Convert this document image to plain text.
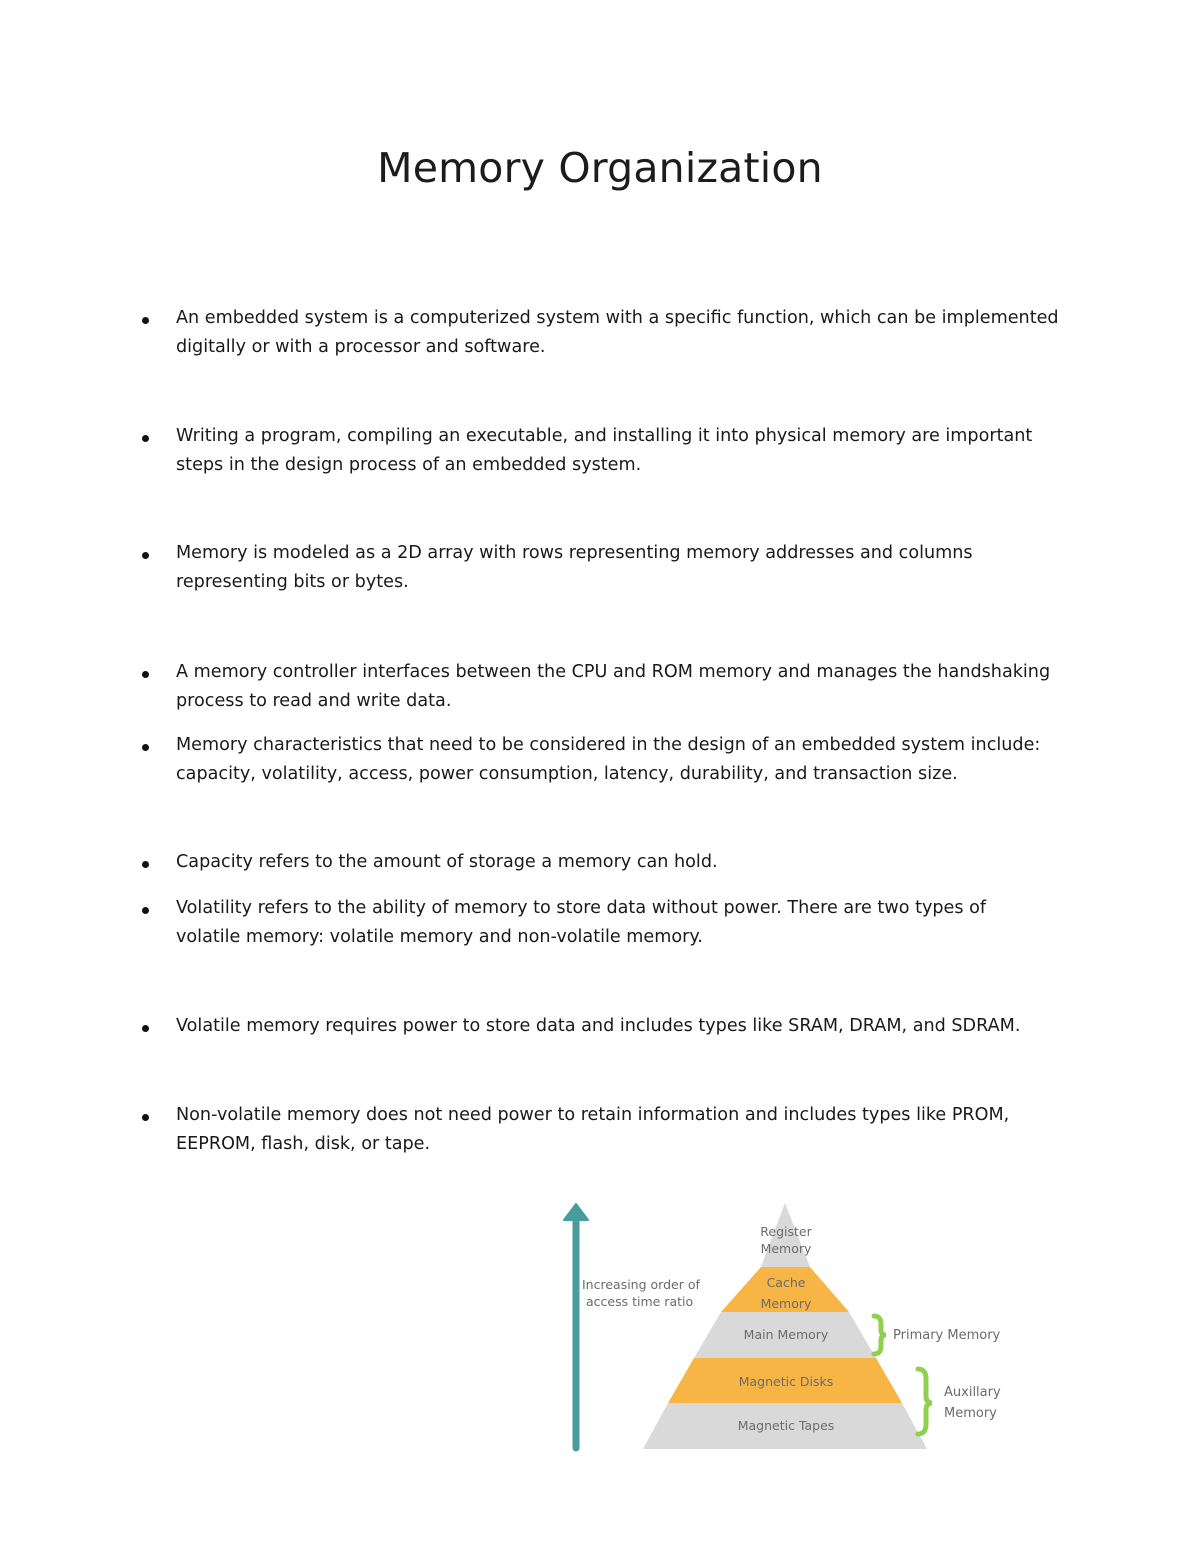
Memory Organization
An embedded system is a computerized system with a specific function, which can be implemented
digitally or with a processor and software.
Writing a program, compiling an executable, and installing it into physical memory are important
steps in the design process of an embedded system.
Memory is modeled as a 2D array with rows representing memory addresses and columns
representing bits or bytes.
A memory controller interfaces between the CPU and ROM memory and manages the handshaking
process to read and write data.
Memory characteristics that need to be considered in the design of an embedded system include:
capacity, volatility, access, power consumption, latency, durability, and transaction size.
Capacity refers to the amount of storage a memory can hold.
Volatility refers to the ability of memory to store data without power. There are two types of
volatile memory: volatile memory and non-volatile memory.
Volatile memory requires power to store data and includes types like SRAM, DRAM, and SDRAM.
Non-volatile memory does not need power to retain information and includes types like PROM,
EEPROM, flash, disk, or tape.
Increasing order of
access time ratio
Register
Memory
Cache
Memory
Main Memory
Magnetic Disks
Magnetic Tapes
Primary Memory
Auxillary
Memory
